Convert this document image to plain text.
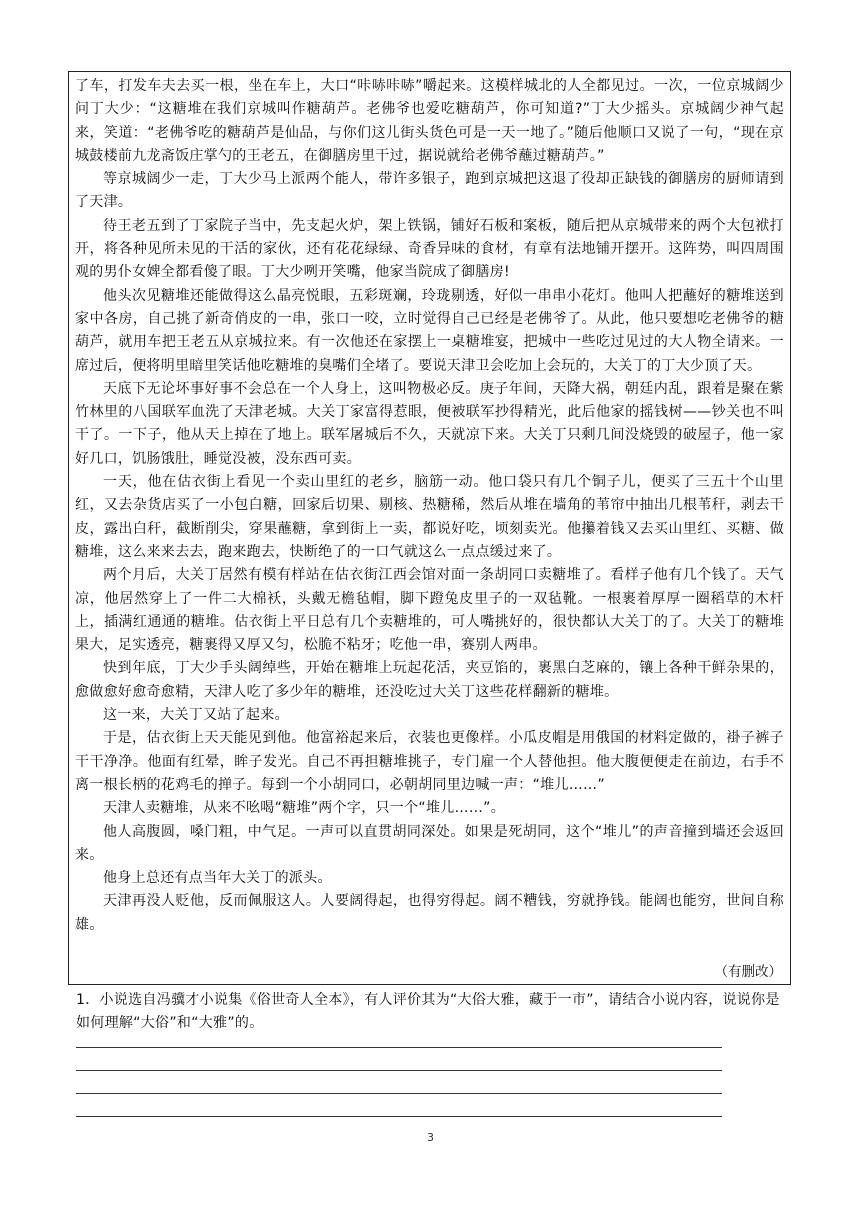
了车，打发车夫去买一根，坐在车上，大口“咔哧咔哧”嚼起来。这模样城北的人全都见过。一次，一位京城阔少问丁大少：“这糖堆在我们京城叫作糖葫芦。老佛爷也爱吃糖葫芦，你可知道?”丁大少摇头。京城阔少神气起来，笑道：“老佛爷吃的糖葫芦是仙品，与你们这儿街头货色可是一天一地了。”随后他顺口又说了一句，“现在京城鼓楼前九龙斋饭庄掌勺的王老五，在御膳房里干过，据说就给老佛爷蘸过糖葫芦。”

等京城阔少一走，丁大少马上派两个能人，带许多银子，跑到京城把这退了役却正缺钱的御膳房的厨师请到了天津。

待王老五到了丁家院子当中，先支起火炉，架上铁锅，铺好石板和案板，随后把从京城带来的两个大包袱打开，将各种见所未见的干活的家伙，还有花花绿绿、奇香异味的食材，有章有法地铺开摆开。这阵势，叫四周围观的男仆女婢全都看傻了眼。丁大少咧开笑嘴，他家当院成了御膳房!

他头次见糖堆还能做得这么晶亮悦眼，五彩斑斓，玲珑剔透，好似一串串小花灯。他叫人把蘸好的糖堆送到家中各房，自己挑了新奇俏皮的一串，张口一咬，立时觉得自己已经是老佛爷了。从此，他只要想吃老佛爷的糖葫芦，就用车把王老五从京城拉来。有一次他还在家摆上一桌糖堆宴，把城中一些吃过见过的大人物全请来。一席过后，便将明里暗里笑话他吃糖堆的臭嘴们全堵了。要说天津卫会吃加上会玩的，大关丁的丁大少顶了天。

天底下无论坏事好事不会总在一个人身上，这叫物极必反。庚子年间，天降大祸，朝廷内乱，跟着是聚在紫竹林里的八国联军血洗了天津老城。大关丁家富得惹眼，便被联军抄得精光，此后他家的摇钱树——钞关也不叫干了。一下子，他从天上掉在了地上。联军屠城后不久，天就凉下来。大关丁只剩几间没烧毁的破屋子，他一家好几口，饥肠饿肚，睡觉没被，没东西可卖。

一天，他在估衣街上看见一个卖山里红的老乡，脑筋一动。他口袋只有几个铜子儿，便买了三五十个山里红，又去杂货店买了一小包白糖，回家后切果、剔核、热糖稀，然后从堆在墙角的苇帘中抽出几根苇秆，剥去干皮，露出白秆，截断削尖，穿果蘸糖，拿到街上一卖，都说好吃，顷刻卖光。他攥着钱又去买山里红、买糖、做糖堆，这么来来去去，跑来跑去，快断绝了的一口气就这么一点点缓过来了。

两个月后，大关丁居然有模有样站在估衣街江西会馆对面一条胡同口卖糖堆了。看样子他有几个钱了。天气凉，他居然穿上了一件二大棉袄，头戴无檐毡帽，脚下蹬兔皮里子的一双毡靴。一根裹着厚厚一圈稻草的木杆上，插满红通通的糖堆。估衣街上平日总有几个卖糖堆的，可人嘴挑好的，很快都认大关丁的了。大关丁的糖堆果大，足实透亮，糖裹得又厚又匀，松脆不粘牙；吃他一串，赛别人两串。

快到年底，丁大少手头阔绰些，开始在糖堆上玩起花活，夹豆馅的，裹黑白芝麻的，镶上各种干鲜杂果的，愈做愈好愈奇愈精，天津人吃了多少年的糖堆，还没吃过大关丁这些花样翻新的糖堆。

这一来，大关丁又站了起来。

于是，估衣街上天天能见到他。他富裕起来后，衣装也更像样。小瓜皮帽是用俄国的材料定做的，褂子裤子干干净净。他面有红晕，眸子发光。自己不再担糖堆挑子，专门雇一个人替他担。他大腹便便走在前边，右手不离一根长柄的花鸡毛的掸子。每到一个小胡同口，必朝胡同里边喊一声：“堆儿……”

天津人卖糖堆，从来不吆喝“糖堆”两个字，只一个“堆儿……”。

他人高腹圆，嗓门粗，中气足。一声可以直贯胡同深处。如果是死胡同，这个“堆儿”的声音撞到墙还会返回来。

他身上总还有点当年大关丁的派头。

天津再没人贬他，反而佩服这人。人要阔得起，也得穷得起。阔不糟钱，穷就挣钱。能阔也能穷，世间自称雄。

（有删改）

1．小说选自冯骥才小说集《俗世奇人全本》，有人评价其为“大俗大雅，藏于一市”，请结合小说内容，说说你是如何理解“大俗”和“大雅”的。

3
